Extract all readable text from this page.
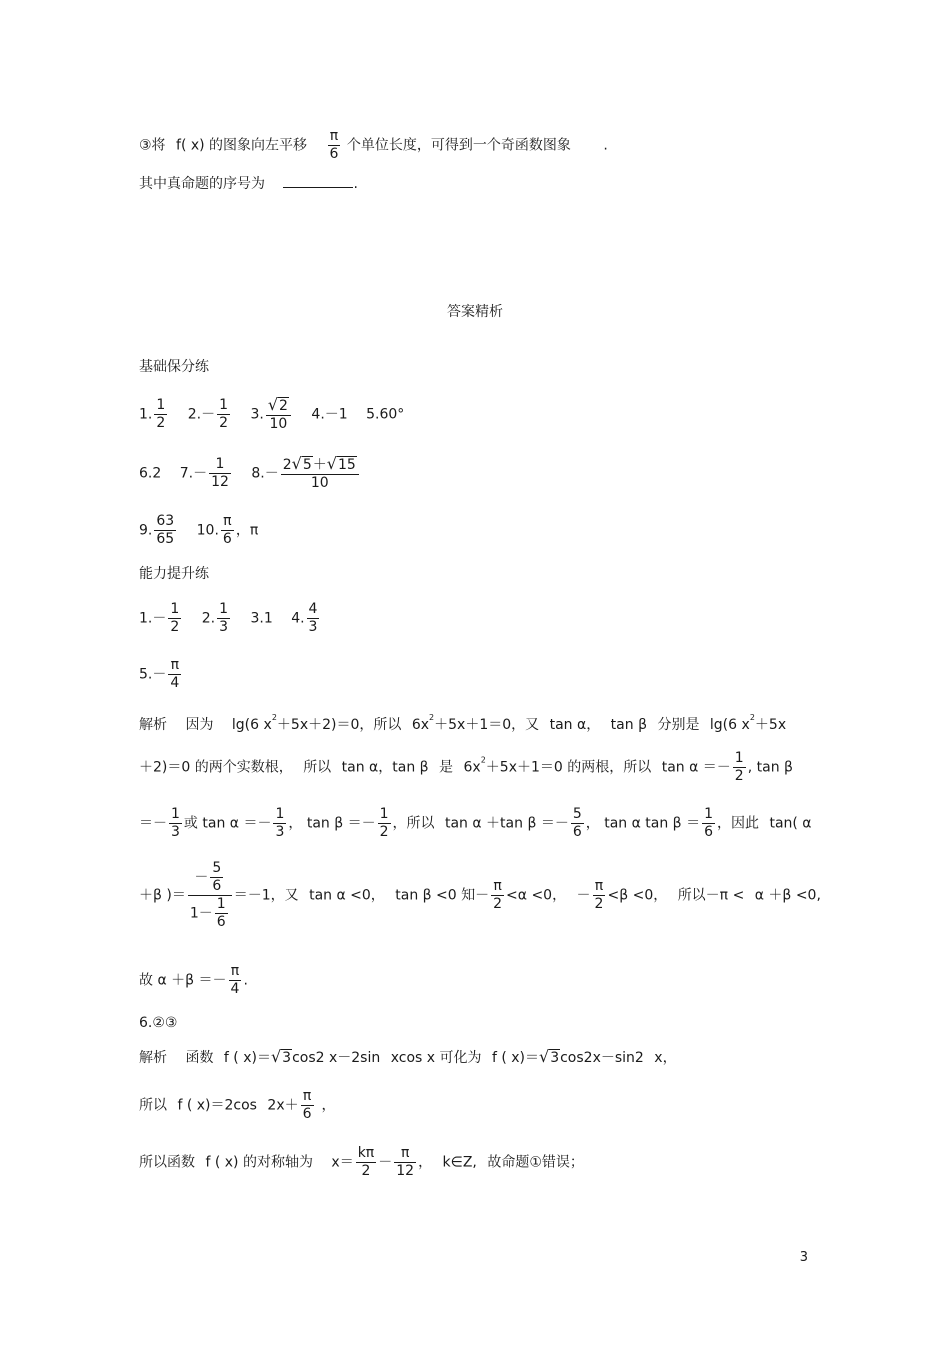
③将 f( x) 的图象向左平移 $\frac{\pi}{6}$ 个单位长度，可得到一个奇函数图象 .
其中真命题的序号为	.
答案精析
基础保分练
1. $\frac{1}{2} 2.- \frac{1}{2} 3$. $\frac{√2}{10} 4.-1$ 5.60°
6.2 $7.- \frac{1}{12} 8.- \frac{2√5+√15}{10}$
9. $\frac{63}{65} 10$. $\frac{\pi}{6}$ ，π
能力提升练
$1.- \frac{1}{2} 2$. $\frac{1}{3} 3.1$ 4. $\frac{4}{3}$
$5.- \frac{\pi}{4}$
解析 因为 lg(6 $x^2+5x+2)=0$，所以 $6x^2+5x+1=0$，又 tan α， tan β 分别是 lg(6 $x^2+5x$
＋2)＝0 的两个实数根， 所以 tan α，tan β 是 $6x^2+5x+1=0$ 的两根，所以 $\tan \alpha =- \frac{1}{2}$ , tan β
＝－ $\frac{1}{3}$ 或 $\tan \alpha =- \frac{1}{3}$ ， $\tan \beta =- \frac{1}{2}$ ，所以 tan α ＋tan $\beta =- \frac{5}{6}$ ， tan α $\tan \beta = \frac{1}{6}$ ，因此 tan( α
＋β )＝ $\frac{- \frac{5}{6}}{1- \frac{1}{6}} =-1$，又 tan α <0， tan β <0 知－ $\frac{\pi}{2} <\alpha <0$， － $\frac{\pi}{2} <\beta <0$， 所以－π < α ＋β <0,
故 $\alpha +\beta =- \frac{\pi}{4}$ .
6.②③
解析 函数 f ( x)＝√3cos2 x－2sin xcos x 可化为 f ( x)＝√3cos2x－sin2 x，
所以 f ( x)＝2cos $2x+ \frac{\pi}{6}$ ，
所以函数 f ( x) 的对称轴为 $x= \frac{k\pi}{2} - \frac{\pi}{12}$ ， k∈Z, 故命题①错误；
3
